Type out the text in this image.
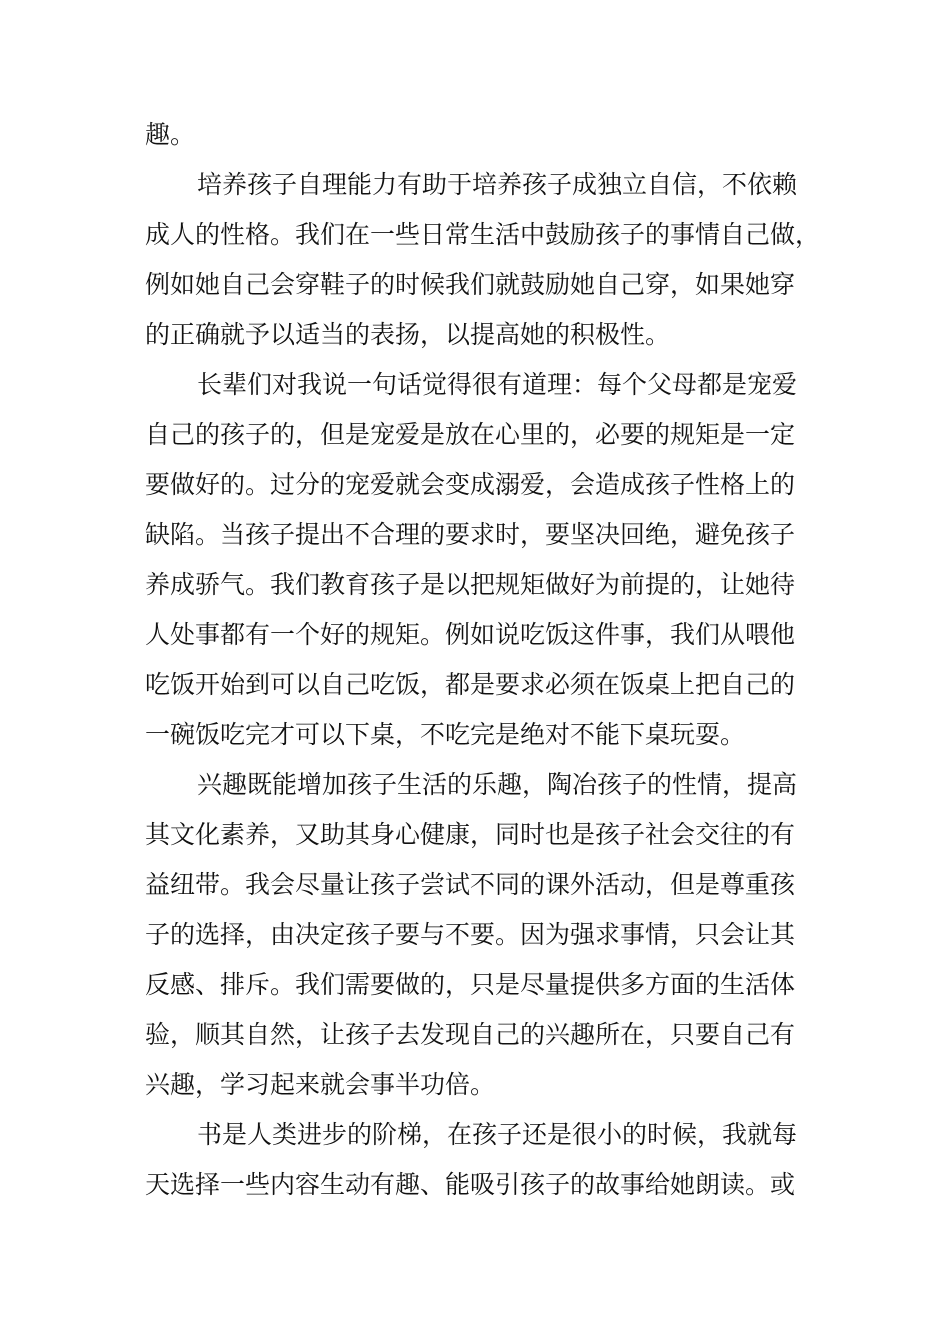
趣。
培养孩子自理能力有助于培养孩子成独立自信，不依赖
成人的性格。我们在一些日常生活中鼓励孩子的事情自己做，
例如她自己会穿鞋子的时候我们就鼓励她自己穿，如果她穿
的正确就予以适当的表扬，以提高她的积极性。
长辈们对我说一句话觉得很有道理：每个父母都是宠爱
自己的孩子的，但是宠爱是放在心里的，必要的规矩是一定
要做好的。过分的宠爱就会变成溺爱，会造成孩子性格上的
缺陷。当孩子提出不合理的要求时，要坚决回绝，避免孩子
养成骄气。我们教育孩子是以把规矩做好为前提的，让她待
人处事都有一个好的规矩。例如说吃饭这件事，我们从喂他
吃饭开始到可以自己吃饭，都是要求必须在饭桌上把自己的
一碗饭吃完才可以下桌，不吃完是绝对不能下桌玩耍。
兴趣既能增加孩子生活的乐趣，陶冶孩子的性情，提高
其文化素养，又助其身心健康，同时也是孩子社会交往的有
益纽带。我会尽量让孩子尝试不同的课外活动，但是尊重孩
子的选择，由决定孩子要与不要。因为强求事情，只会让其
反感、排斥。我们需要做的，只是尽量提供多方面的生活体
验，顺其自然，让孩子去发现自己的兴趣所在，只要自己有
兴趣，学习起来就会事半功倍。
书是人类进步的阶梯，在孩子还是很小的时候，我就每
天选择一些内容生动有趣、能吸引孩子的故事给她朗读。或
